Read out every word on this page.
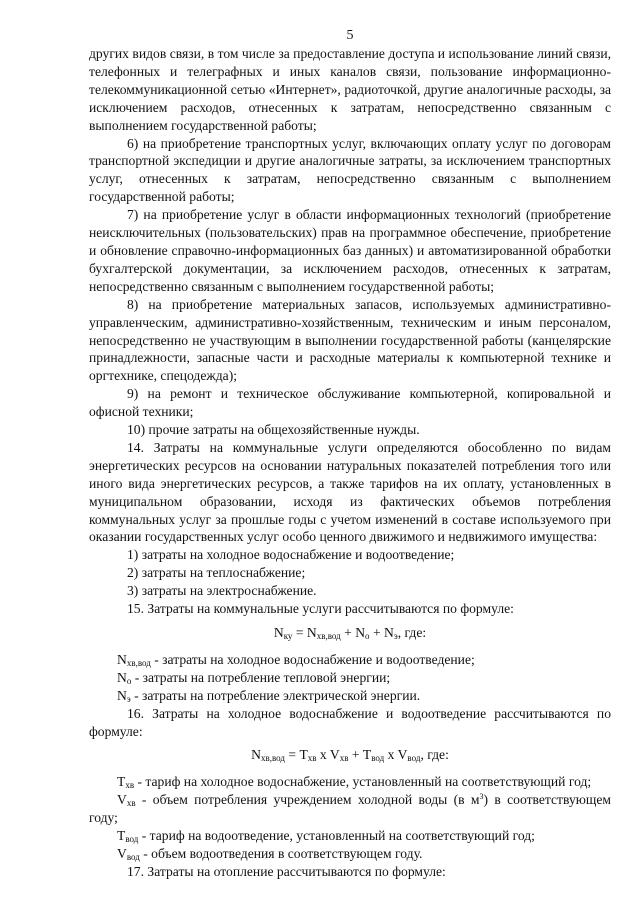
5

других видов связи, в том числе за предоставление доступа и использование линий связи, телефонных и телеграфных и иных каналов связи, пользование информационно-телекоммуникационной сетью «Интернет», радиоточкой, другие аналогичные расходы, за исключением расходов, отнесенных к затратам, непосредственно связанным с выполнением государственной работы;

6) на приобретение транспортных услуг, включающих оплату услуг по договорам транспортной экспедиции и другие аналогичные затраты, за исключением транспортных услуг, отнесенных к затратам, непосредственно связанным с выполнением государственной работы;

7) на приобретение услуг в области информационных технологий (приобретение неисключительных (пользовательских) прав на программное обеспечение, приобретение и обновление справочно-информационных баз данных) и автоматизированной обработки бухгалтерской документации, за исключением расходов, отнесенных к затратам, непосредственно связанным с выполнением государственной работы;

8) на приобретение материальных запасов, используемых административно-управленческим, административно-хозяйственным, техническим и иным персоналом, непосредственно не участвующим в выполнении государственной работы (канцелярские принадлежности, запасные части и расходные материалы к компьютерной технике и оргтехнике, спецодежда);

9) на ремонт и техническое обслуживание компьютерной, копировальной и офисной техники;

10) прочие затраты на общехозяйственные нужды.

14. Затраты на коммунальные услуги определяются обособленно по видам энергетических ресурсов на основании натуральных показателей потребления того или иного вида энергетических ресурсов, а также тарифов на их оплату, установленных в муниципальном образовании, исходя из фактических объемов потребления коммунальных услуг за прошлые годы с учетом изменений в составе используемого при оказании государственных услуг особо ценного движимого и недвижимого имущества:

1) затраты на холодное водоснабжение и водоотведение;

2) затраты на теплоснабжение;

3) затраты на электроснабжение.

15. Затраты на коммунальные услуги рассчитываются по формуле:

$N_{ку} = N_{хв,вод} + N_о + N_э$, где:

$N_{хв,вод}$ - затраты на холодное водоснабжение и водоотведение;

$N_о$ - затраты на потребление тепловой энергии;

$N_э$ - затраты на потребление электрической энергии.

16. Затраты на холодное водоснабжение и водоотведение рассчитываются по формуле:

$N_{хв,вод} = T_{хв}$ x $V_{хв} + T_{вод}$ x $V_{вод}$, где:

$T_{хв}$ - тариф на холодное водоснабжение, установленный на соответствующий год;

$V_{хв}$ - объем потребления учреждением холодной воды (в $м^3$) в соответствующем году;

$T_{вод}$ - тариф на водоотведение, установленный на соответствующий год;

$V_{вод}$ - объем водоотведения в соответствующем году.

17. Затраты на отопление рассчитываются по формуле:
